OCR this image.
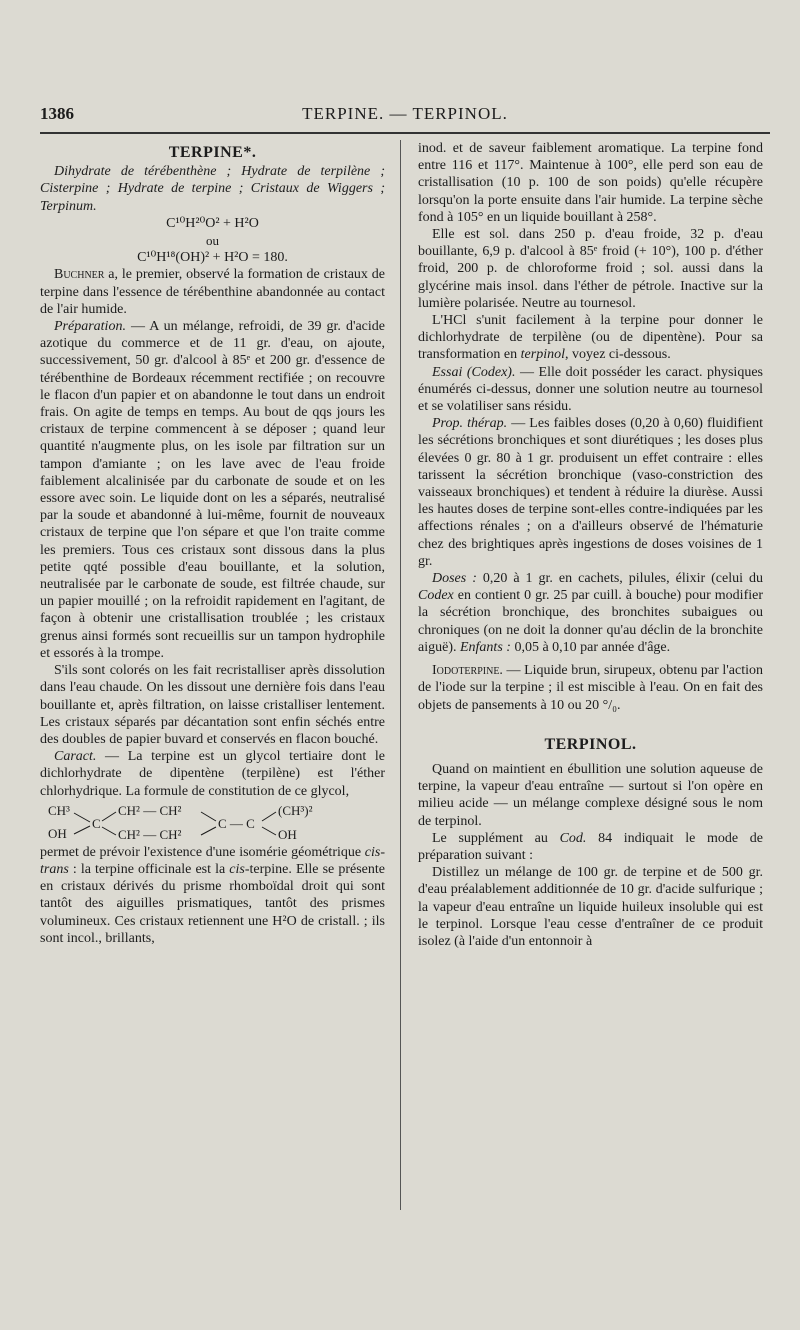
1386	TERPINE. — TERPINOL.

TERPINE*.

Dihydrate de térébenthène ; Hydrate de terpilène ; Cisterpine ; Hydrate de terpine ; Cristaux de Wiggers ; Terpinum.

C¹⁰H²⁰O² + H²O

ou

C¹⁰H¹⁸(OH)² + H²O = 180.

Buchner a, le premier, observé la formation de cristaux de terpine dans l'essence de térébenthine abandonnée au contact de l'air humide.

Préparation. — A un mélange, refroidi, de 39 gr. d'acide azotique du commerce et de 11 gr. d'eau, on ajoute, successivement, 50 gr. d'alcool à 85ᵉ et 200 gr. d'essence de térébenthine de Bordeaux récemment rectifiée ; on recouvre le flacon d'un papier et on abandonne le tout dans un endroit frais. On agite de temps en temps. Au bout de qqs jours les cristaux de terpine commencent à se déposer ; quand leur quantité n'augmente plus, on les isole par filtration sur un tampon d'amiante ; on les lave avec de l'eau froide faiblement alcalinisée par du carbonate de soude et on les essore avec soin. Le liquide dont on les a séparés, neutralisé par la soude et abandonné à lui-même, fournit de nouveaux cristaux de terpine que l'on sépare et que l'on traite comme les premiers. Tous ces cristaux sont dissous dans la plus petite qqté possible d'eau bouillante, et la solution, neutralisée par le carbonate de soude, est filtrée chaude, sur un papier mouillé ; on la refroidit rapidement en l'agitant, de façon à obtenir une cristallisation troublée ; les cristaux grenus ainsi formés sont recueillis sur un tampon hydrophile et essorés à la trompe.

S'ils sont colorés on les fait recristalliser après dissolution dans l'eau chaude. On les dissout une dernière fois dans l'eau bouillante et, après filtration, on laisse cristalliser lentement. Les cristaux séparés par décantation sont enfin séchés entre des doubles de papier buvard et conservés en flacon bouché.

Caract. — La terpine est un glycol tertiaire dont le dichlorhydrate de dipentène (terpilène) est l'éther chlorhydrique. La formule de constitution de ce glycol,

CH³
OH
C
CH² — CH²
CH² — CH²
C — C
(CH³)²
OH

permet de prévoir l'existence d'une isomérie géométrique cis-trans : la terpine officinale est la cis-terpine. Elle se présente en cristaux dérivés du prisme rhomboïdal droit qui sont tantôt des aiguilles prismatiques, tantôt des prismes volumineux. Ces cristaux retiennent une H²O de cristall. ; ils sont incol., brillants,

inod. et de saveur faiblement aromatique. La terpine fond entre 116 et 117°. Maintenue à 100°, elle perd son eau de cristallisation (10 p. 100 de son poids) qu'elle récupère lorsqu'on la porte ensuite dans l'air humide. La terpine sèche fond à 105° en un liquide bouillant à 258°.

Elle est sol. dans 250 p. d'eau froide, 32 p. d'eau bouillante, 6,9 p. d'alcool à 85ᵉ froid (+ 10°), 100 p. d'éther froid, 200 p. de chloroforme froid ; sol. aussi dans la glycérine mais insol. dans l'éther de pétrole. Inactive sur la lumière polarisée. Neutre au tournesol.

L'HCl s'unit facilement à la terpine pour donner le dichlorhydrate de terpilène (ou de dipentène). Pour sa transformation en terpinol, voyez ci-dessous.

Essai (Codex). — Elle doit posséder les caract. physiques énumérés ci-dessus, donner une solution neutre au tournesol et se volatiliser sans résidu.

Prop. thérap. — Les faibles doses (0,20 à 0,60) fluidifient les sécrétions bronchiques et sont diurétiques ; les doses plus élevées 0 gr. 80 à 1 gr. produisent un effet contraire : elles tarissent la sécrétion bronchique (vaso-constriction des vaisseaux bronchiques) et tendent à réduire la diurèse. Aussi les hautes doses de terpine sont-elles contre-indiquées par les affections rénales ; on a d'ailleurs observé de l'hématurie chez des brightiques après ingestions de doses voisines de 1 gr.

Doses : 0,20 à 1 gr. en cachets, pilules, élixir (celui du Codex en contient 0 gr. 25 par cuill. à bouche) pour modifier la sécrétion bronchique, des bronchites subaigues ou chroniques (on ne doit la donner qu'au déclin de la bronchite aiguë). Enfants : 0,05 à 0,10 par année d'âge.

Iodoterpine. — Liquide brun, sirupeux, obtenu par l'action de l'iode sur la terpine ; il est miscible à l'eau. On en fait des objets de pansements à 10 ou 20 °/₀.

TERPINOL.

Quand on maintient en ébullition une solution aqueuse de terpine, la vapeur d'eau entraîne — surtout si l'on opère en milieu acide — un mélange complexe désigné sous le nom de terpinol.

Le supplément au Cod. 84 indiquait le mode de préparation suivant :

Distillez un mélange de 100 gr. de terpine et de 500 gr. d'eau préalablement additionnée de 10 gr. d'acide sulfurique ; la vapeur d'eau entraîne un liquide huileux insoluble qui est le terpinol. Lorsque l'eau cesse d'entraîner de ce produit isolez (à l'aide d'un entonnoir à
